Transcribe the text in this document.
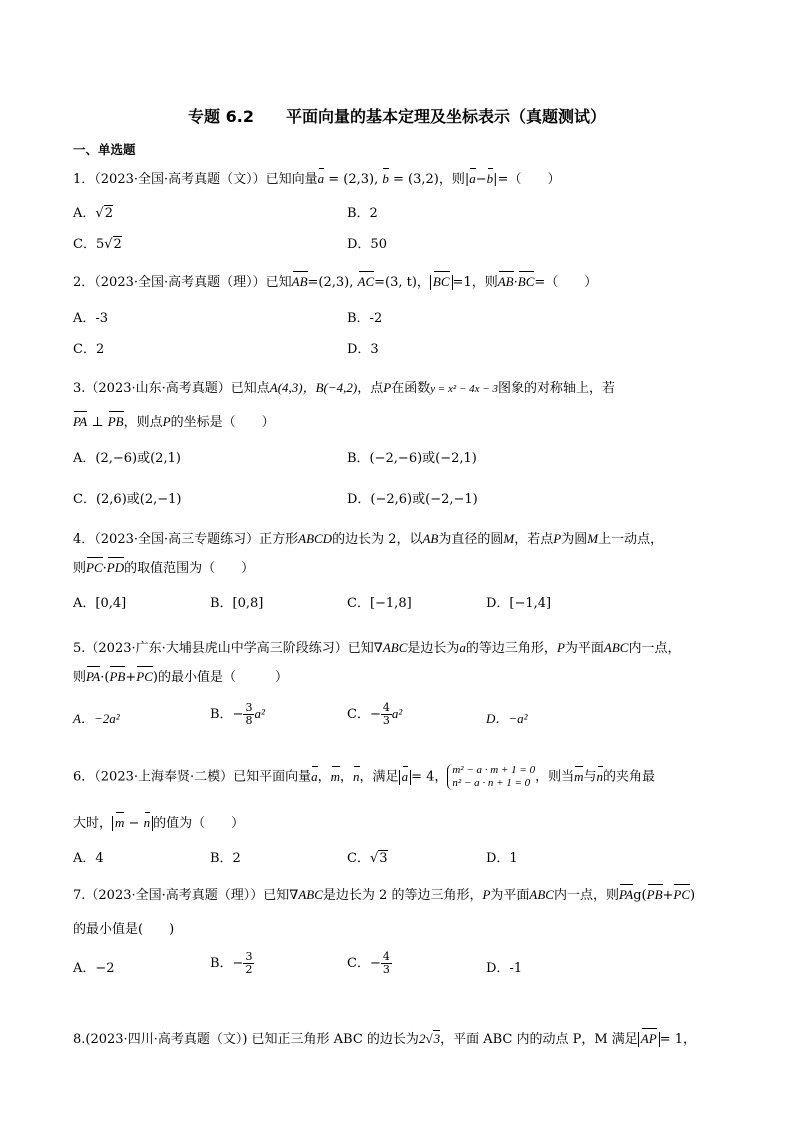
专题 6.2　　平面向量的基本定理及坐标表示（真题测试）
一、单选题
1．（2023·全国·高考真题（文））已知向量a = (2,3), b = (3,2)，则|a−b|=（　　）
A．√2	B．2
C．5√2	D．50
2．（2023·全国·高考真题（理））已知AB=(2,3), AC=(3, t)， BC =1，则AB·BC=（　　）
A．-3	B．-2
C．2	D．3
3.（2023·山东·高考真题）已知点A(4,3)，B(−4,2)，点P在函数y = x² − 4x − 3图象的对称轴上，若
PA ⊥ PB，则点P的坐标是（　　）
A．(2,−6)或(2,1)	B．(−2,−6)或(−2,1)
C．(2,6)或(2,−1)	D．(−2,6)或(−2,−1)
4．（2023·全国·高三专题练习）正方形ABCD的边长为 2，以AB为直径的圆M，若点P为圆M上一动点，
则PC·PD的取值范围为（　　）
A．[0,4]	B．[0,8]	C．[−1,8]	D．[−1,4]
5.（2023·广东·大埔县虎山中学高三阶段练习）已知∇ABC是边长为a的等边三角形，P为平面ABC内一点，
则PA·(PB+PC)的最小值是（　　　）
A．−2a²	B．− $\frac{3}{8} a^2$	C．− $\frac{4}{3} a^2$	D．−a²
6．（2023·上海奉贤·二模）已知平面向量a，m，n，满足 a = 4， m² − a · m + 1 = 0
n² − a · n + 1 = 0 ，则当m与n的夹角最
大时， m − n 的值为（　　）
A．4	B．2	C．√3	D．1
7.（2023·全国·高考真题（理））已知∇ABC是边长为 2 的等边三角形，P为平面ABC内一点，则PAg(PB+PC)
的最小值是(　　)
A．−2	B．− $\frac{3}{2}$	C．− $\frac{4}{3}$	D．-1
8.(2023·四川·高考真题（文）) 已知正三角形 ABC 的边长为2√3，平面 ABC 内的动点 P，M 满足 AP = 1，
